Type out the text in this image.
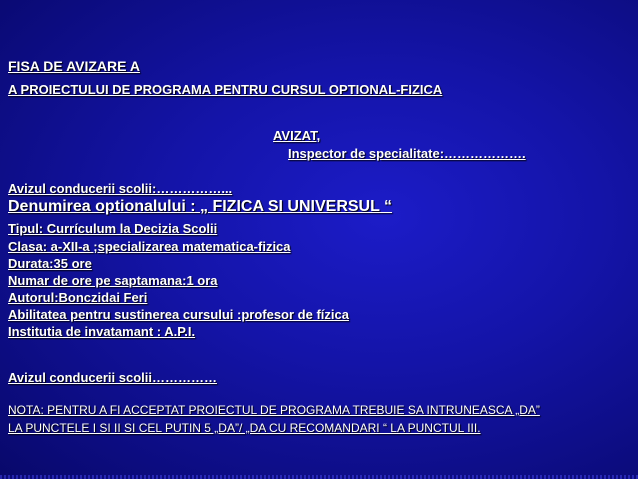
FISA DE AVIZARE A
A PROIECTULUI DE PROGRAMA PENTRU CURSUL OPTIONAL-FIZICA
AVIZAT,
Inspector de specialitate:……………….
Avizul conducerii scolii:……………...
Denumirea optionalului : „ FIZICA SI UNIVERSUL “
Tipul: Currículum la Decizia Scolii
Clasa: a-XII-a ;specializarea matematica-fizica
Durata:35 ore
Numar de ore pe saptamana:1 ora
Autorul:Bonczidai Feri
Abilitatea pentru sustinerea cursului :profesor de fízica
Institutia de invatamant : A.P.I.
Avizul conducerii scolii……………
NOTA: PENTRU A FI ACCEPTAT PROIECTUL DE PROGRAMA TREBUIE SA INTRUNEASCA „DA”
LA PUNCTELE I SI II SI CEL PUTIN 5 „DA”/ „DA CU RECOMANDARI “ LA PUNCTUL III.
